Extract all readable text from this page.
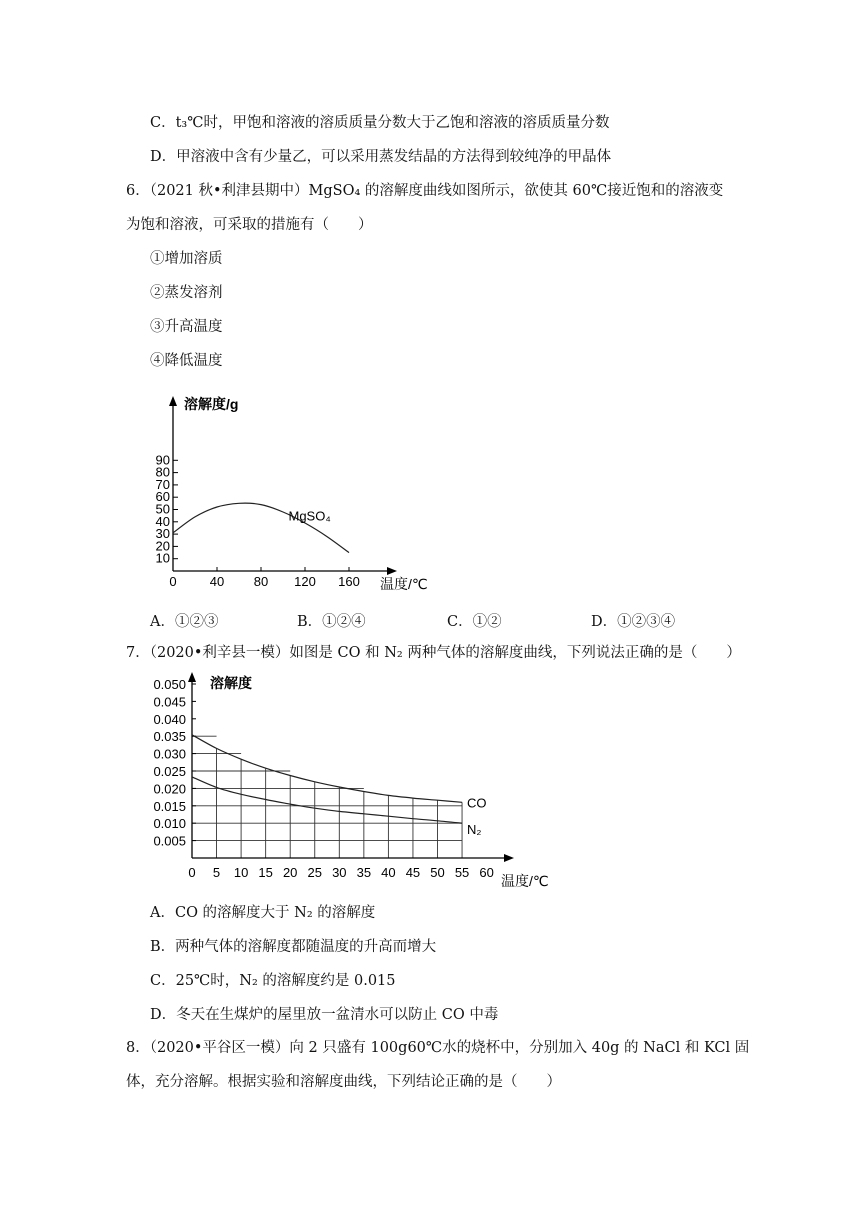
C．t₃℃时，甲饱和溶液的溶质质量分数大于乙饱和溶液的溶质质量分数
D．甲溶液中含有少量乙，可以采用蒸发结晶的方法得到较纯净的甲晶体
6．（2021 秋•利津县期中）MgSO₄ 的溶解度曲线如图所示，欲使其 60℃接近饱和的溶液变
为饱和溶液，可采取的措施有（　　）
①增加溶质
②蒸发溶剂
③升高温度
④降低温度
0	40 80 120 160
10
20
30
40
50
60
70
80
90
MgSO₄
溶解度/g
温度/℃
A．①②③	B．①②④	C．①②	D．①②③④
7．（2020•利辛县一模）如图是 CO 和 N₂ 两种气体的溶解度曲线，下列说法正确的是（　　）
0 5 10 15 20 25 30 35 40 45 50 55 60
0.005
0.010
0.015
0.020
0.025
0.030
0.035
0.040
0.045
0.050
CO
N₂
溶解度
温度/℃
A．CO 的溶解度大于 N₂ 的溶解度
B．两种气体的溶解度都随温度的升高而增大
C．25℃时，N₂ 的溶解度约是 0.015
D．冬天在生煤炉的屋里放一盆清水可以防止 CO 中毒
8．（2020•平谷区一模）向 2 只盛有 100g60℃水的烧杯中，分别加入 40g 的 NaCl 和 KCl 固
体，充分溶解。根据实验和溶解度曲线，下列结论正确的是（　　）
